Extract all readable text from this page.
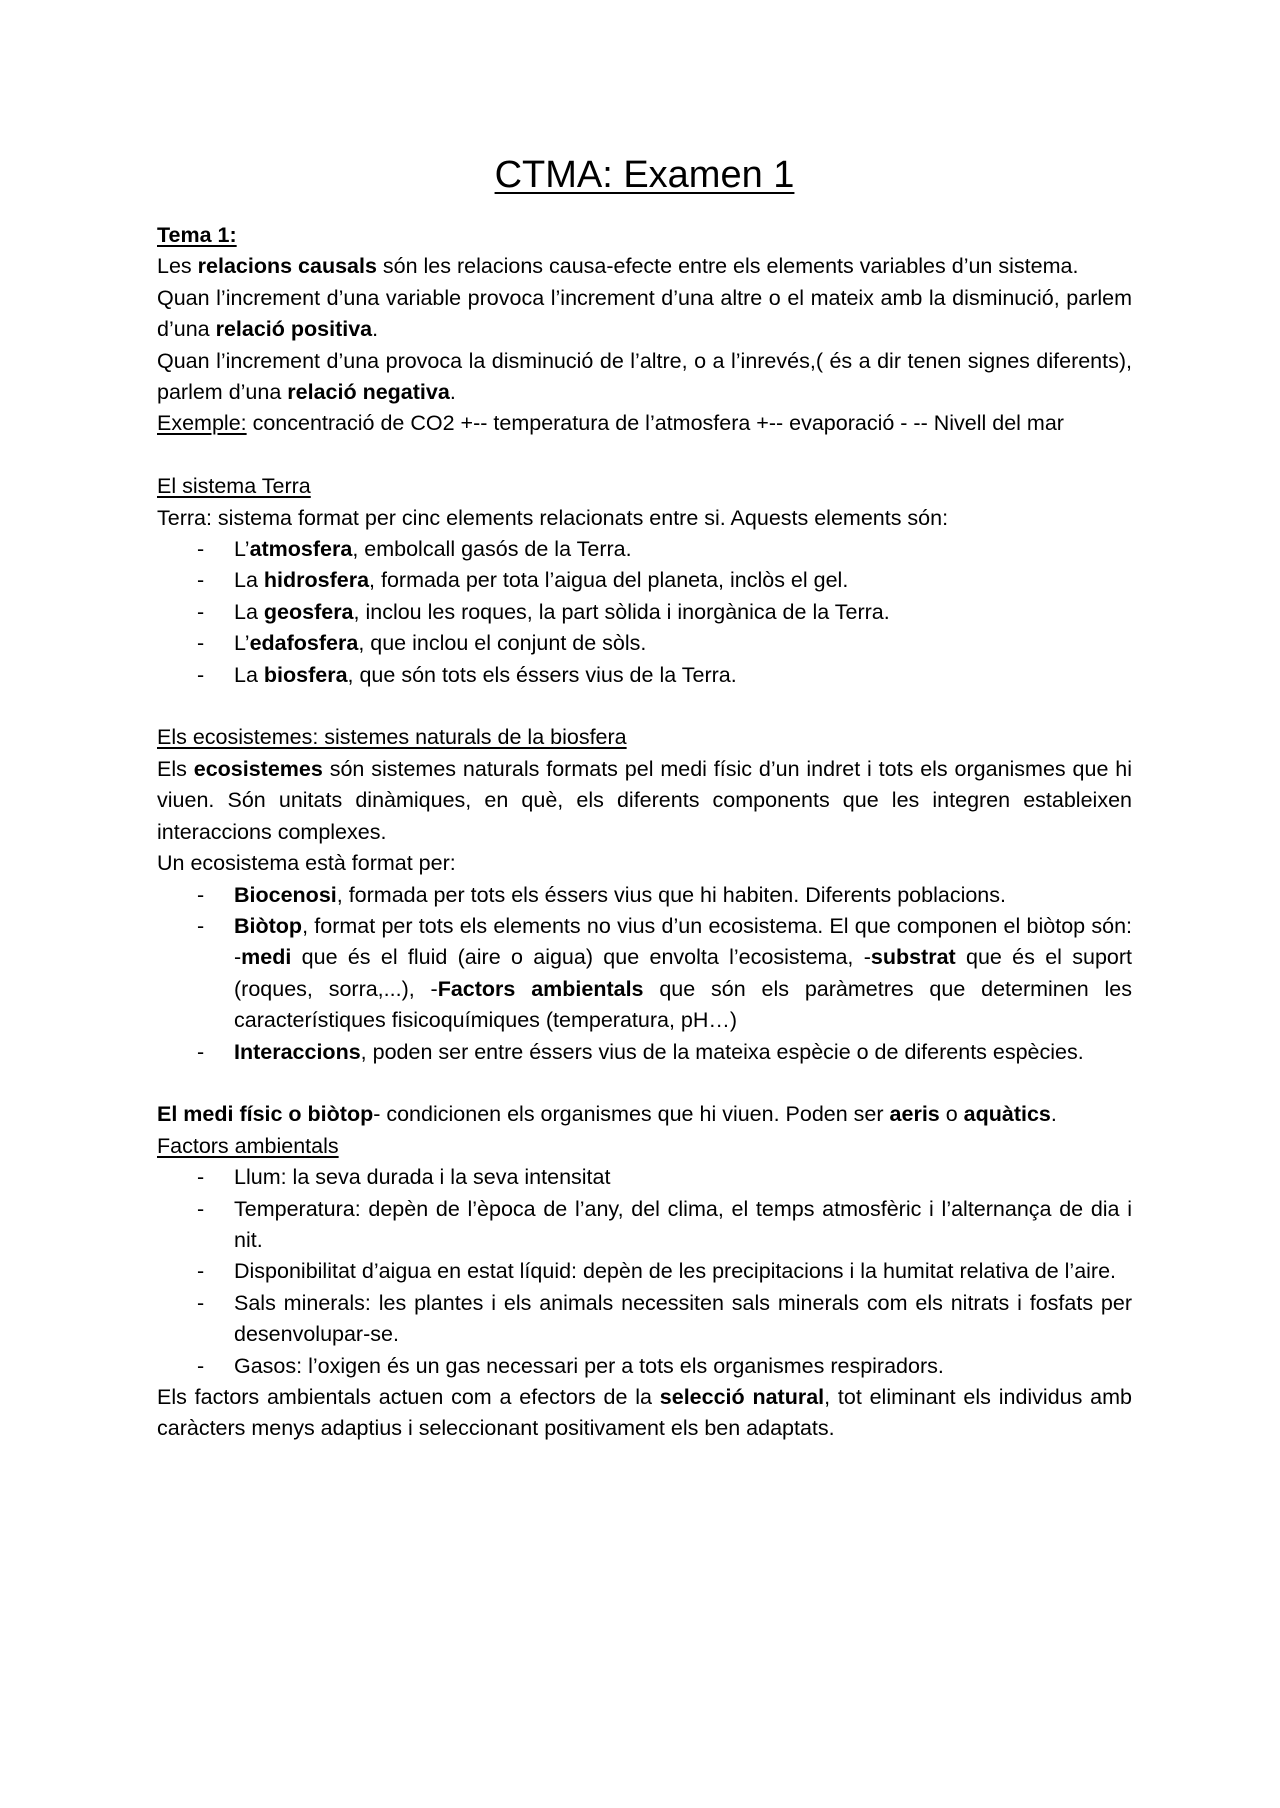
CTMA: Examen 1

Tema 1:

Les relacions causals són les relacions causa-efecte entre els elements variables d’un sistema.

Quan l’increment d’una variable provoca l’increment d’una altre o el mateix amb la disminució, parlem d’una relació positiva.

Quan l’increment d’una provoca la disminució de l’altre, o a l’inrevés,( és a dir tenen signes diferents), parlem d’una relació negativa.

Exemple: concentració de CO2 +-- temperatura de l’atmosfera +-- evaporació - -- Nivell del mar

El sistema Terra

Terra: sistema format per cinc elements relacionats entre si. Aquests elements són:

- L’atmosfera, embolcall gasós de la Terra.
- La hidrosfera, formada per tota l’aigua del planeta, inclòs el gel.
- La geosfera, inclou les roques, la part sòlida i inorgànica de la Terra.
- L’edafosfera, que inclou el conjunt de sòls.
- La biosfera, que són tots els éssers vius de la Terra.

Els ecosistemes: sistemes naturals de la biosfera

Els ecosistemes són sistemes naturals formats pel medi físic d’un indret i tots els organismes que hi viuen. Són unitats dinàmiques, en què, els diferents components que les integren estableixen interaccions complexes.

Un ecosistema està format per:

- Biocenosi, formada per tots els éssers vius que hi habiten. Diferents poblacions.
- Biòtop, format per tots els elements no vius d’un ecosistema. El que componen el biòtop són: -medi que és el fluid (aire o aigua) que envolta l’ecosistema, -substrat que és el suport (roques, sorra,...), -Factors ambientals que són els paràmetres que determinen les característiques fisicoquímiques (temperatura, pH…)
- Interaccions, poden ser entre éssers vius de la mateixa espècie o de diferents espècies.

El medi físic o biòtop- condicionen els organismes que hi viuen. Poden ser aeris o aquàtics.

Factors ambientals

- Llum: la seva durada i la seva intensitat
- Temperatura: depèn de l’època de l’any, del clima, el temps atmosfèric i l’alternança de dia i nit.
- Disponibilitat d’aigua en estat líquid: depèn de les precipitacions i la humitat relativa de l’aire.
- Sals minerals: les plantes i els animals necessiten sals minerals com els nitrats i fosfats per desenvolupar-se.
- Gasos: l’oxigen és un gas necessari per a tots els organismes respiradors.

Els factors ambientals actuen com a efectors de la selecció natural, tot eliminant els individus amb caràcters menys adaptius i seleccionant positivament els ben adaptats.
